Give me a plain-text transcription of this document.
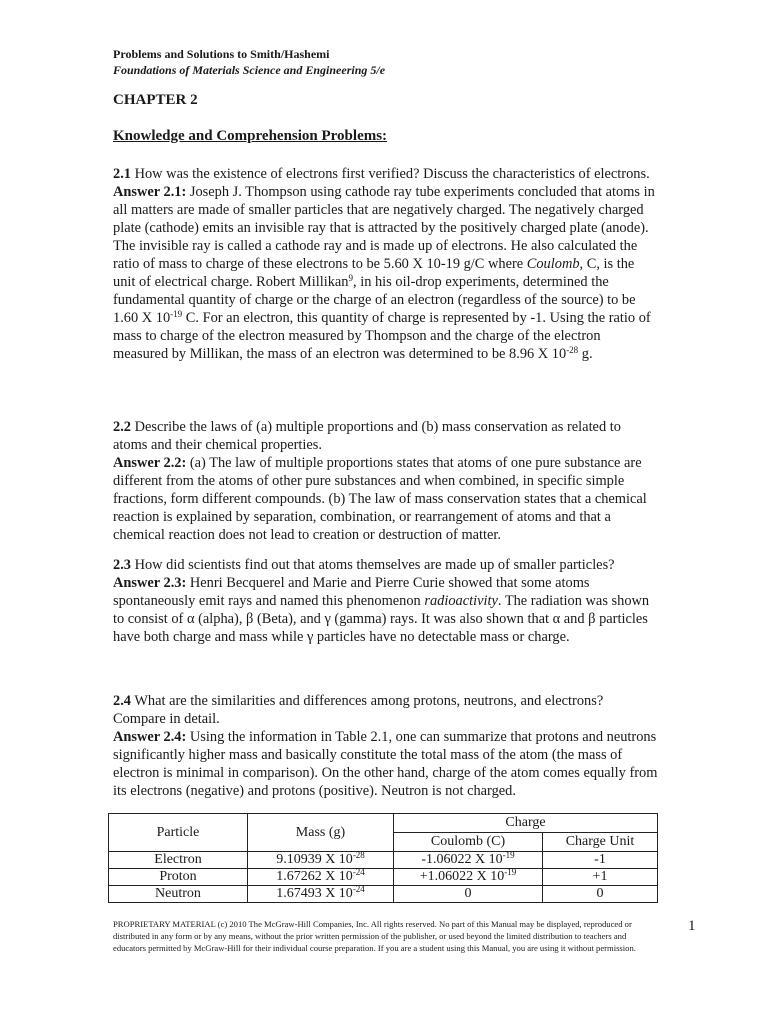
Problems and Solutions to Smith/Hashemi
Foundations of Materials Science and Engineering 5/e
CHAPTER 2
Knowledge and Comprehension Problems:

2.1 How was the existence of electrons first verified? Discuss the characteristics of electrons.

Answer 2.1: Joseph J. Thompson using cathode ray tube experiments concluded that atoms in all matters are made of smaller particles that are negatively charged. The negatively charged plate (cathode) emits an invisible ray that is attracted by the positively charged plate (anode). The invisible ray is called a cathode ray and is made up of electrons. He also calculated the ratio of mass to charge of these electrons to be 5.60 X 10-19 g/C where Coulomb, C, is the unit of electrical charge. Robert Millikan$^9$, in his oil-drop experiments, determined the fundamental quantity of charge or the charge of an electron (regardless of the source) to be 1.60 X $10^{-19}$ C. For an electron, this quantity of charge is represented by -1. Using the ratio of mass to charge of the electron measured by Thompson and the charge of the electron measured by Millikan, the mass of an electron was determined to be 8.96 X $10^{-28}$ g.

2.2 Describe the laws of (a) multiple proportions and (b) mass conservation as related to atoms and their chemical properties.

Answer 2.2: (a) The law of multiple proportions states that atoms of one pure substance are different from the atoms of other pure substances and when combined, in specific simple fractions, form different compounds. (b) The law of mass conservation states that a chemical reaction is explained by separation, combination, or rearrangement of atoms and that a chemical reaction does not lead to creation or destruction of matter.

2.3 How did scientists find out that atoms themselves are made up of smaller particles?

Answer 2.3: Henri Becquerel and Marie and Pierre Curie showed that some atoms spontaneously emit rays and named this phenomenon radioactivity. The radiation was shown to consist of α (alpha), β (Beta), and γ (gamma) rays. It was also shown that α and β particles have both charge and mass while γ particles have no detectable mass or charge.

2.4 What are the similarities and differences among protons, neutrons, and electrons? Compare in detail.

Answer 2.4: Using the information in Table 2.1, one can summarize that protons and neutrons significantly higher mass and basically constitute the total mass of the atom (the mass of electron is minimal in comparison). On the other hand, charge of the atom comes equally from its electrons (negative) and protons (positive). Neutron is not charged.

Particle	Mass (g)	Charge	
		Coulomb (C)	Charge Unit
Electron	9.10939 X $10^{-28}$	-1.06022 X $10^{-19}$	-1
Proton	1.67262 X $10^{-24}$	+1.06022 X $10^{-19}$	+1
Neutron	1.67493 X $10^{-24}$	0	0
PROPRIETARY MATERIAL (c) 2010 The McGraw-Hill Companies, Inc. All rights reserved. No part of this Manual may be displayed, reproduced or distributed in any form or by any means, without the prior written permission of the publisher, or used beyond the limited distribution to teachers and educators permitted by McGraw-Hill for their individual course preparation. If you are a student using this Manual, you are using it without permission.
1
